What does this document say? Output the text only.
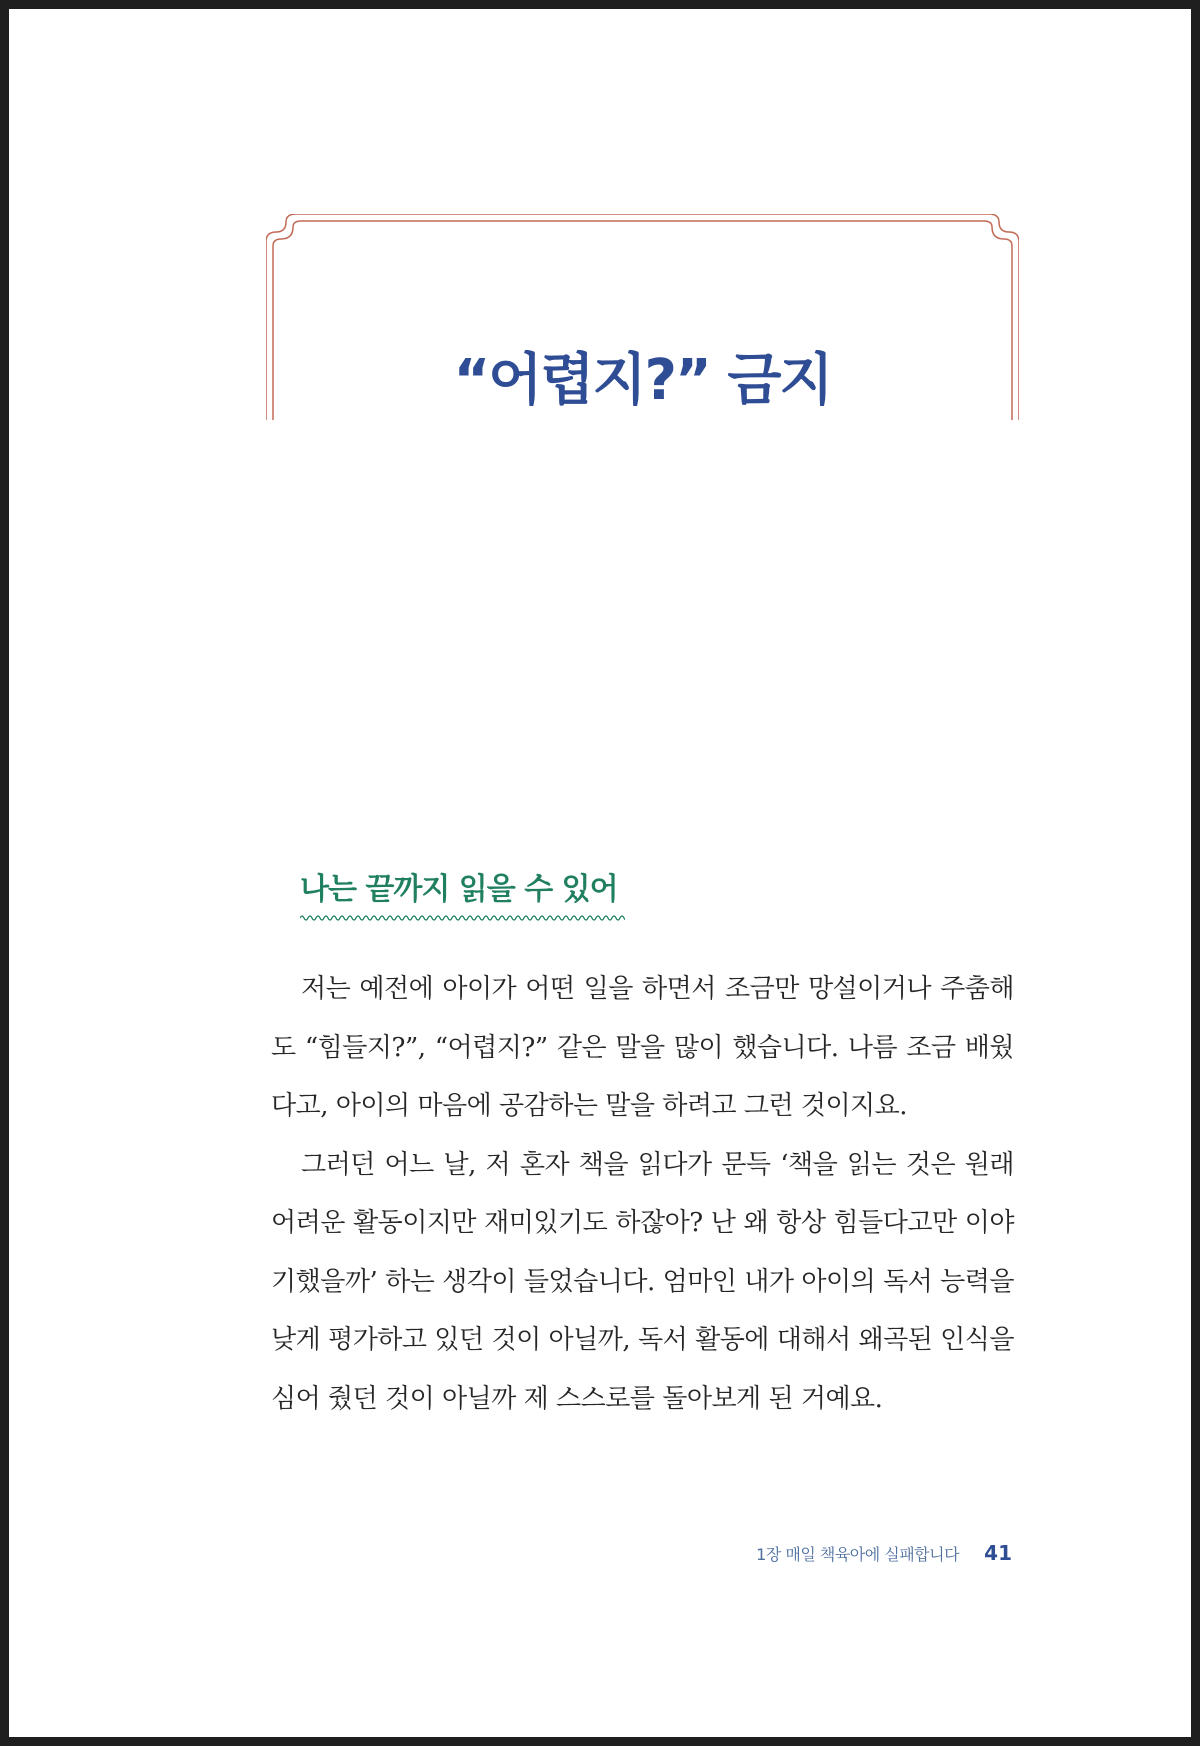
“어렵지?” 금지
나는 끝까지 읽을 수 있어

저는 예전에 아이가 어떤 일을 하면서 조금만 망설이거나 주춤해도 “힘들지?”, “어렵지?” 같은 말을 많이 했습니다. 나름 조금 배웠다고, 아이의 마음에 공감하는 말을 하려고 그런 것이지요.

그러던 어느 날, 저 혼자 책을 읽다가 문득 ‘책을 읽는 것은 원래 어려운 활동이지만 재미있기도 하잖아? 난 왜 항상 힘들다고만 이야기했을까’ 하는 생각이 들었습니다. 엄마인 내가 아이의 독서 능력을 낮게 평가하고 있던 것이 아닐까, 독서 활동에 대해서 왜곡된 인식을 심어 줬던 것이 아닐까 제 스스로를 돌아보게 된 거예요.

1장 매일 책육아에 실패합니다 41
